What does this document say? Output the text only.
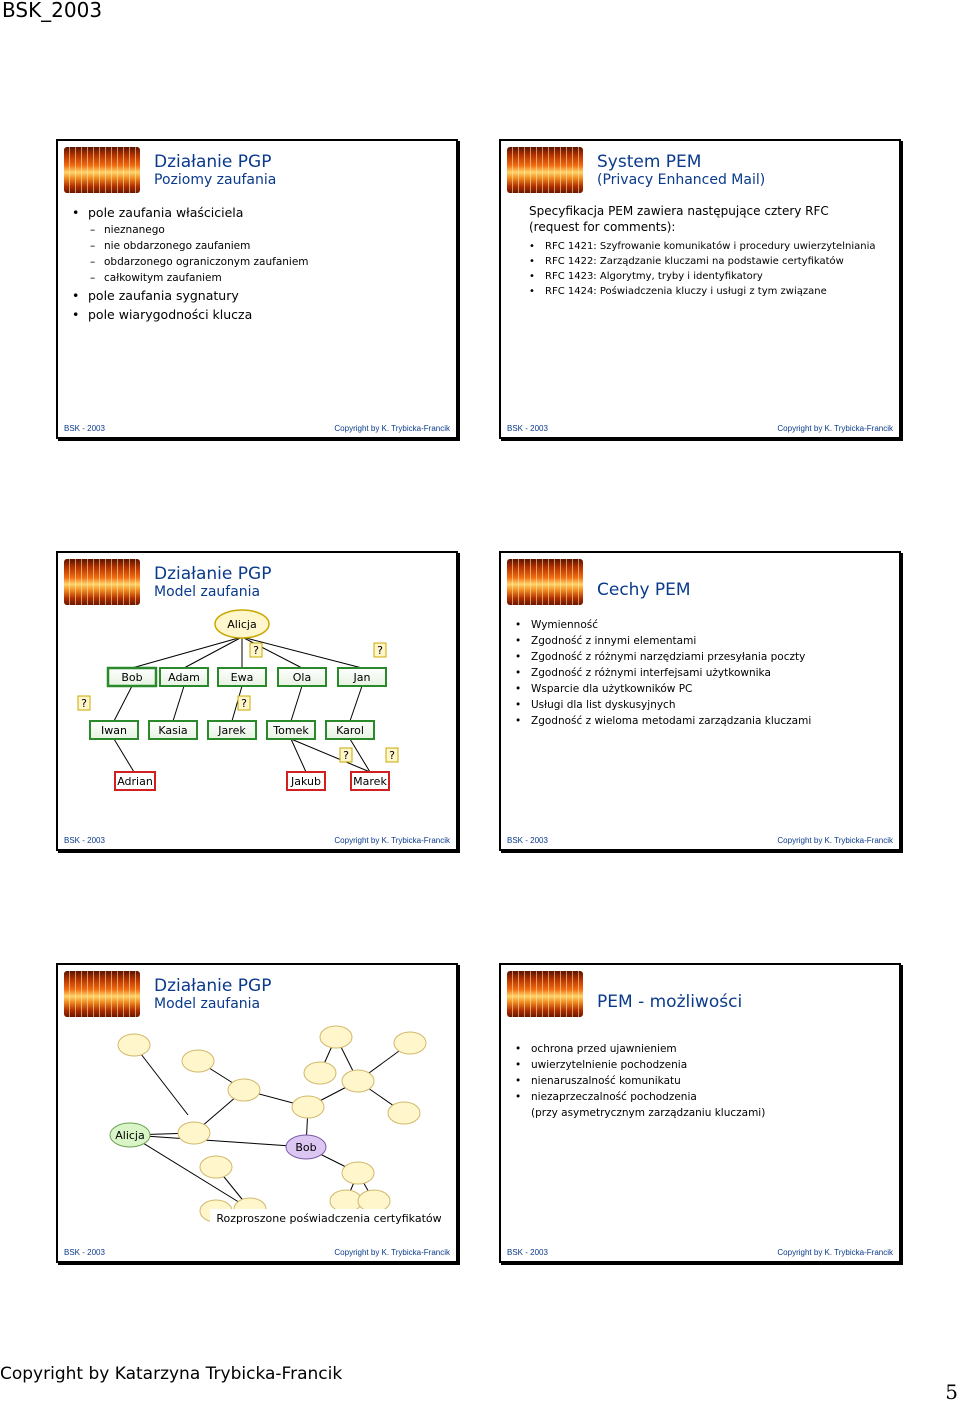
BSK_2003
Działanie PGP
Poziomy zaufania
• pole zaufania właściciela
– nieznanego
– nie obdarzonego zaufaniem
– obdarzonego ograniczonym zaufaniem
– całkowitym zaufaniem
• pole zaufania sygnatury
• pole wiarygodności klucza
BSK - 2003	Copyright by K. Trybicka-Francik
System PEM
(Privacy Enhanced Mail)
Specyfikacja PEM zawiera następujące cztery RFC
(request for comments):
• RFC 1421: Szyfrowanie komunikatów i procedury uwierzytelniania
• RFC 1422: Zarządzanie kluczami na podstawie certyfikatów
• RFC 1423: Algorytmy, tryby i identyfikatory
• RFC 1424: Poświadczenia kluczy i usługi z tym związane
BSK - 2003	Copyright by K. Trybicka-Francik
Działanie PGP
Model zaufania
Alicja
Bob Adam	Ewa	Ola	Jan
Iwan	Kasia	Jarek	Tomek Karol
Adrian	Jakub	Marek
?	?
?	?
?	?
BSK - 2003	Copyright by K. Trybicka-Francik
Cechy PEM
• Wymienność
• Zgodność z innymi elementami
• Zgodność z różnymi narzędziami przesyłania poczty
• Zgodność z różnymi interfejsami użytkownika
• Wsparcie dla użytkowników PC
• Usługi dla list dyskusyjnych
• Zgodność z wieloma metodami zarządzania kluczami
BSK - 2003	Copyright by K. Trybicka-Francik
Działanie PGP
Model zaufania
Alicja
Bob
Rozproszone poświadczenia certyfikatów
BSK - 2003	Copyright by K. Trybicka-Francik
PEM - możliwości
• ochrona przed ujawnieniem
• uwierzytelnienie pochodzenia
• nienaruszalność komunikatu
• niezaprzeczalność pochodzenia
(przy asymetrycznym zarządzaniu kluczami)
BSK - 2003	Copyright by K. Trybicka-Francik
Copyright by Katarzyna Trybicka-Francik
5
